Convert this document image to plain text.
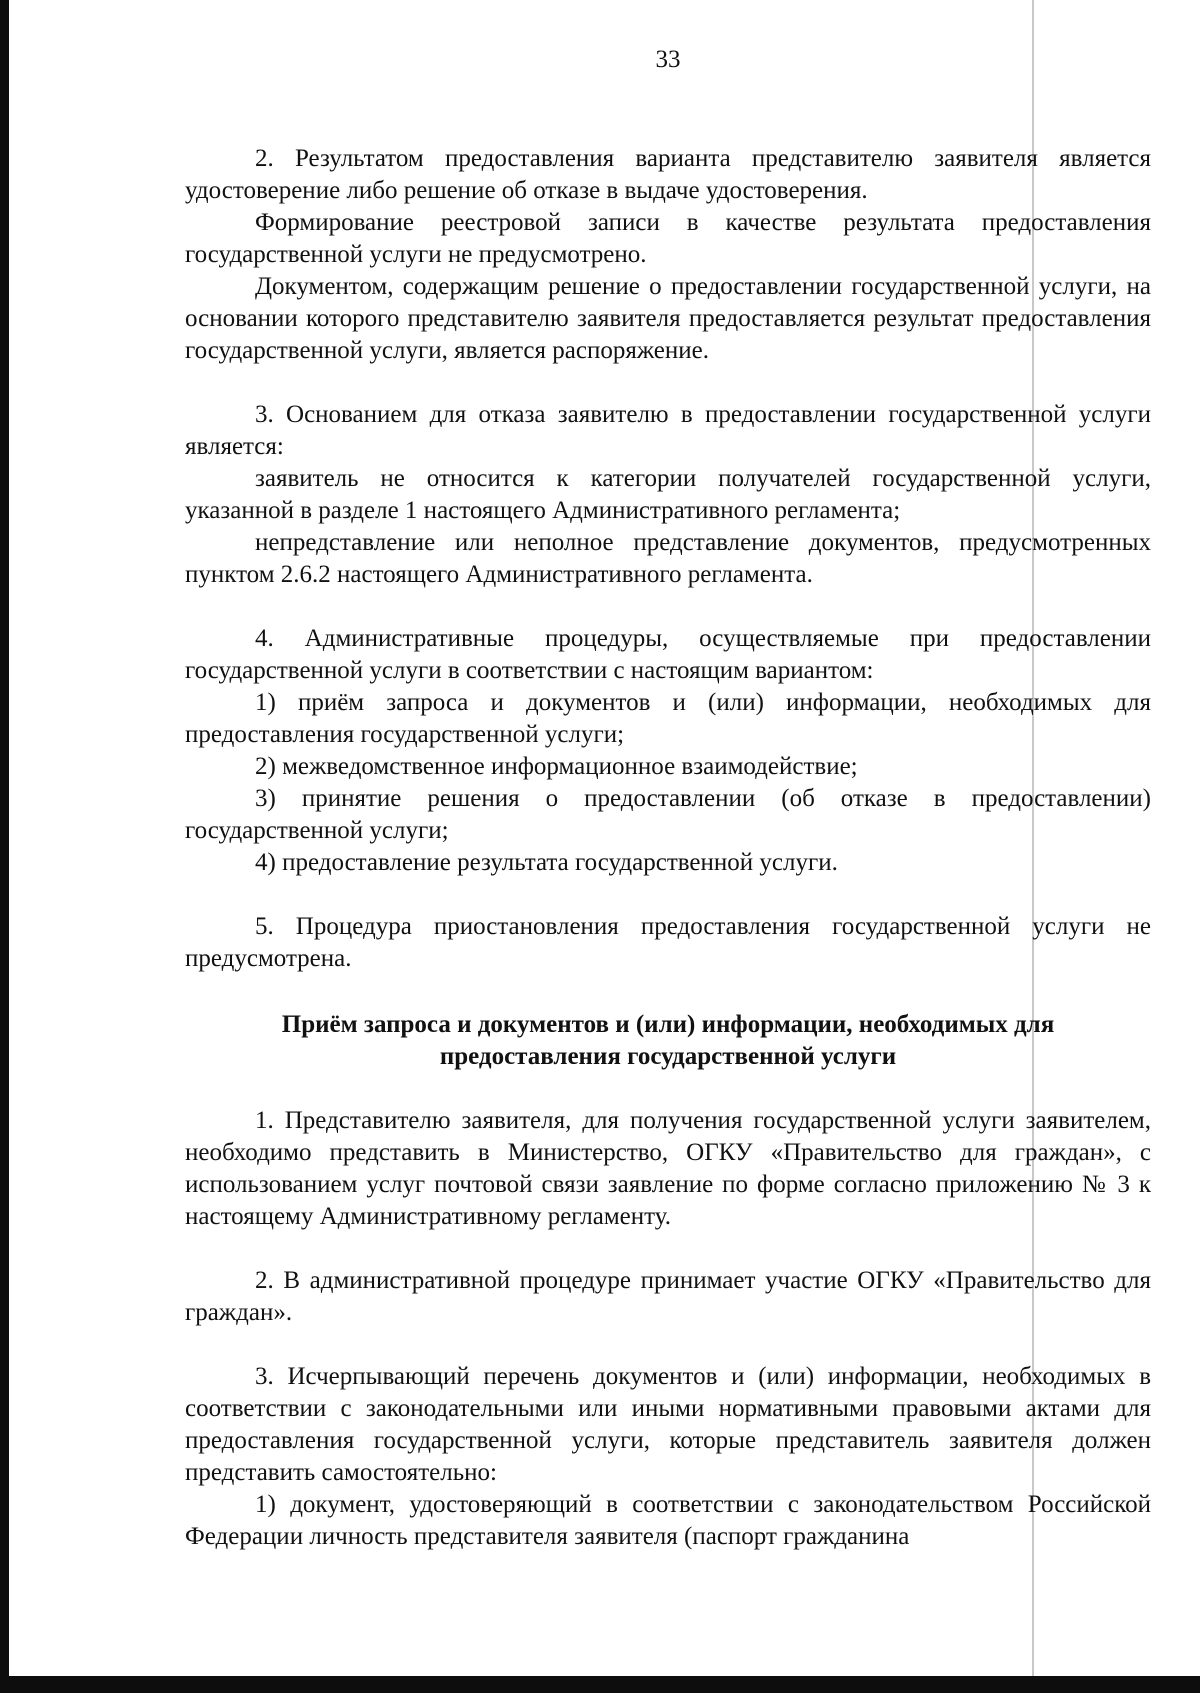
33

2. Результатом предоставления варианта представителю заявителя является удостоверение либо решение об отказе в выдаче удостоверения.

Формирование реестровой записи в качестве результата предоставления государственной услуги не предусмотрено.

Документом, содержащим решение о предоставлении государственной услуги, на основании которого представителю заявителя предоставляется результат предоставления государственной услуги, является распоряжение.

3. Основанием для отказа заявителю в предоставлении государственной услуги является:

заявитель не относится к категории получателей государственной услуги, указанной в разделе 1 настоящего Административного регламента;

непредставление или неполное представление документов, предусмотренных пунктом 2.6.2 настоящего Административного регламента.

4. Административные процедуры, осуществляемые при предоставлении государственной услуги в соответствии с настоящим вариантом:

1) приём запроса и документов и (или) информации, необходимых для предоставления государственной услуги;

2) межведомственное информационное взаимодействие;

3) принятие решения о предоставлении (об отказе в предоставлении) государственной услуги;

4) предоставление результата государственной услуги.

5. Процедура приостановления предоставления государственной услуги не предусмотрена.

Приём запроса и документов и (или) информации, необходимых для предоставления государственной услуги

1. Представителю заявителя, для получения государственной услуги заявителем, необходимо представить в Министерство, ОГКУ «Правительство для граждан», с использованием услуг почтовой связи заявление по форме согласно приложению № 3 к настоящему Административному регламенту.

2. В административной процедуре принимает участие ОГКУ «Правительство для граждан».

3. Исчерпывающий перечень документов и (или) информации, необходимых в соответствии с законодательными или иными нормативными правовыми актами для предоставления государственной услуги, которые представитель заявителя должен представить самостоятельно:

1) документ, удостоверяющий в соответствии с законодательством Российской Федерации личность представителя заявителя (паспорт гражданина
